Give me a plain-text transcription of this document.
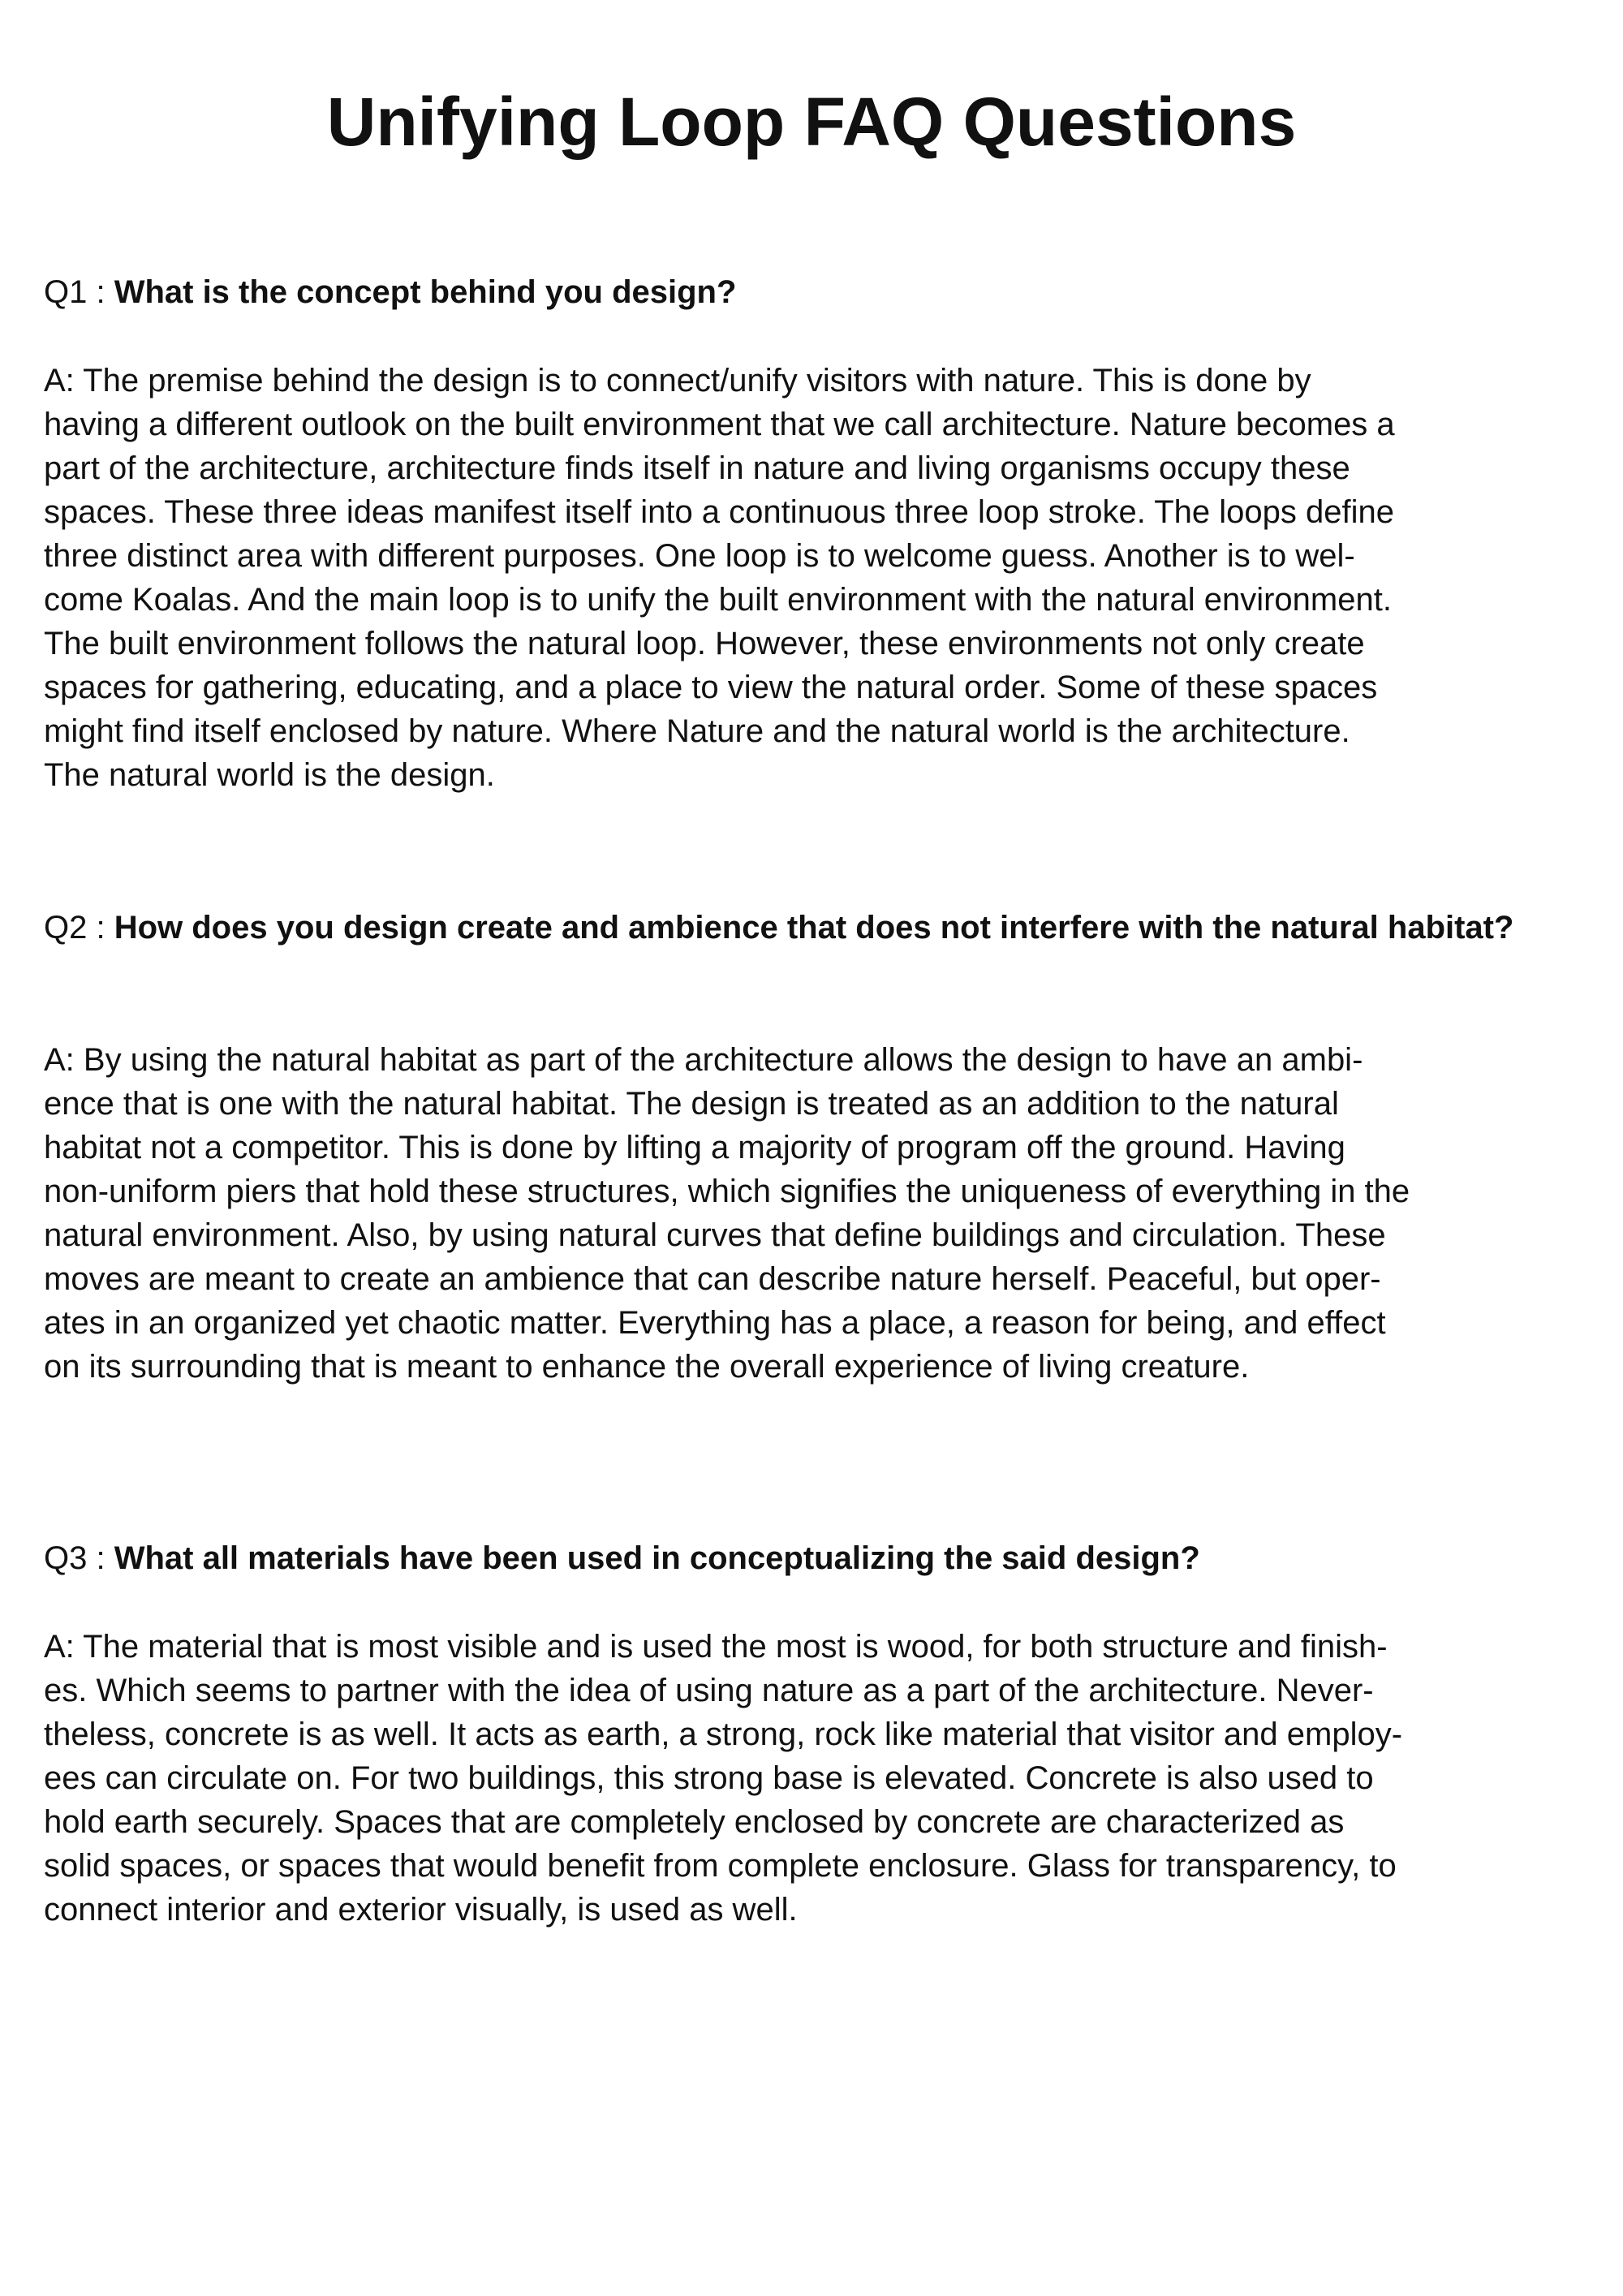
Unifying Loop FAQ Questions

Q1 : What is the concept behind you design?

A: The premise behind the design is to connect/unify visitors with nature. This is done by
having a different outlook on the built environment that we call architecture. Nature becomes a
part of the architecture, architecture finds itself in nature and living organisms occupy these
spaces. These three ideas manifest itself into a continuous three loop stroke. The loops define
three distinct area with different purposes. One loop is to welcome guess. Another is to wel-
come Koalas. And the main loop is to unify the built environment with the natural environment.
The built environment follows the natural loop. However, these environments not only create
spaces for gathering, educating, and a place to view the natural order. Some of these spaces
might find itself enclosed by nature. Where Nature and the natural world is the architecture.
The natural world is the design.

Q2 : How does you design create and ambience that does not interfere with the natural habitat?

A: By using the natural habitat as part of the architecture allows the design to have an ambi-
ence that is one with the natural habitat. The design is treated as an addition to the natural
habitat not a competitor. This is done by lifting a majority of program off the ground. Having
non-uniform piers that hold these structures, which signifies the uniqueness of everything in the
natural environment. Also, by using natural curves that define buildings and circulation. These
moves are meant to create an ambience that can describe nature herself. Peaceful, but oper-
ates in an organized yet chaotic matter. Everything has a place, a reason for being, and effect
on its surrounding that is meant to enhance the overall experience of living creature.

Q3 : What all materials have been used in conceptualizing the said design?

A: The material that is most visible and is used the most is wood, for both structure and finish-
es. Which seems to partner with the idea of using nature as a part of the architecture. Never-
theless, concrete is as well. It acts as earth, a strong, rock like material that visitor and employ-
ees can circulate on. For two buildings, this strong base is elevated. Concrete is also used to
hold earth securely. Spaces that are completely enclosed by concrete are characterized as
solid spaces, or spaces that would benefit from complete enclosure. Glass for transparency, to
connect interior and exterior visually, is used as well.
